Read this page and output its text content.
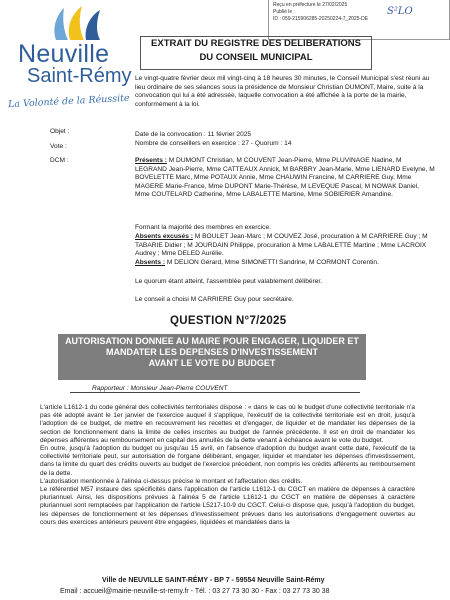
Reçu en préfecture le 27/02/2025
Publié le
ID : 059-215906285-20250224-7_2025-DE
S²LO
Neuville
Saint-Rémy
La Volonté de la Réussite
EXTRAIT DU REGISTRE DES DELIBERATIONS
DU CONSEIL MUNICIPAL
Le vingt-quatre février deux mil vingt-cinq à 18 heures 30 minutes, le Conseil Municipal s'est réuni au lieu ordinaire de ses séances sous la présidence de Monsieur Christian DUMONT, Maire, suite à la convocation qui lui a été adressée, laquelle convocation a été affichée à la porte de la mairie, conformément à la loi.
Objet :
Vote :
DCM :
Date de la convocation : 11 février 2025
Nombre de conseillers en exercice : 27 - Quorum : 14
Présents : M DUMONT Christian, M COUVENT Jean-Pierre, Mme PLUVINAGE Nadine, M LEGRAND Jean-Pierre, Mme CATTEAUX Annick, M BARBRY Jean-Marie, Mme LIENARD Evelyne, M BOVELETTE Marc, Mme POTAUX Annie, Mme CHAUWIN Francine, M CARRIERE Guy, Mme MAGERE Marie-France, Mme DUPONT Marie-Thérèse, M LEVEQUE Pascal, M NOWAK Daniel, Mme COUTELARD Catherine, Mme LABALETTE Martine, Mme SOBIERIER Amandine.
Formant la majorité des membres en exercice.
Absents excusés : M BOULET Jean-Marc ; M COUVEZ José, procuration à M CARRIERE Guy ; M TABARIE Didier ; M JOURDAIN Philippe, procuration à Mme LABALETTE Martine ; Mme LACROIX Audrey ; Mme DELED Aurélie.
Absents : M DELION Gérard, Mme SIMONETTI Sandrine, M CORMONT Corentin.
Le quorum étant atteint, l'assemblée peut valablement délibérer.
Le conseil a choisi M CARRIERE Guy pour secrétaire.
QUESTION N°7/2025
AUTORISATION DONNEE AU MAIRE POUR ENGAGER, LIQUIDER ET
MANDATER LES DEPENSES D'INVESTISSEMENT
AVANT LE VOTE DU BUDGET
Rapporteur : Monsieur Jean-Pierre COUVENT

L'article L1612-1 du code général des collectivités territoriales dispose : « dans le cas où le budget d'une collectivité territoriale n'a pas été adopté avant le 1er janvier de l'exercice auquel il s'applique, l'exécutif de la collectivité territoriale est en droit, jusqu'à l'adoption de ce budget, de mettre en recouvrement les recettes et d'engager, de liquider et de mandater les dépenses de la section de fonctionnement dans la limite de celles inscrites au budget de l'année précédente. Il est en droit de mandater les dépenses afférentes au remboursement en capital des annuités de la dette venant à échéance avant le vote du budget.

En outre, jusqu'à l'adoption du budget ou jusqu'au 15 avril, en l'absence d'adoption du budget avant cette date, l'exécutif de la collectivité territoriale peut, sur autorisation de l'organe délibérant, engager, liquider et mandater les dépenses d'investissement, dans la limite du quart des crédits ouverts au budget de l'exercice précédent, non compris les crédits afférents au remboursement de la dette.

L'autorisation mentionnée à l'alinéa ci-dessus précise le montant et l'affectation des crédits.

Le référentiel M57 instaure des spécificités dans l'application de l'article L1612-1 du CGCT en matière de dépenses à caractère pluriannuel. Ainsi, les dispositions prévues à l'alinéa 5 de l'article L1612-1 du CGCT en matière de dépenses à caractère pluriannuel sont remplacées par l'application de l'article L5217-10-9 du CGCT. Celui-ci dispose que, jusqu'à l'adoption du budget, les dépenses de fonctionnement et les dépenses d'investissement prévues dans les autorisations d'engagement ouvertes au cours des exercices antérieurs peuvent être engagées, liquidées et mandatées dans la

Ville de NEUVILLE SAINT-RÉMY - BP 7 - 59554 Neuville Saint-Rémy
Email : accueil@mairie-neuville-st-remy.fr - Tél. : 03 27 73 30 30 - Fax : 03 27 73 30 38
